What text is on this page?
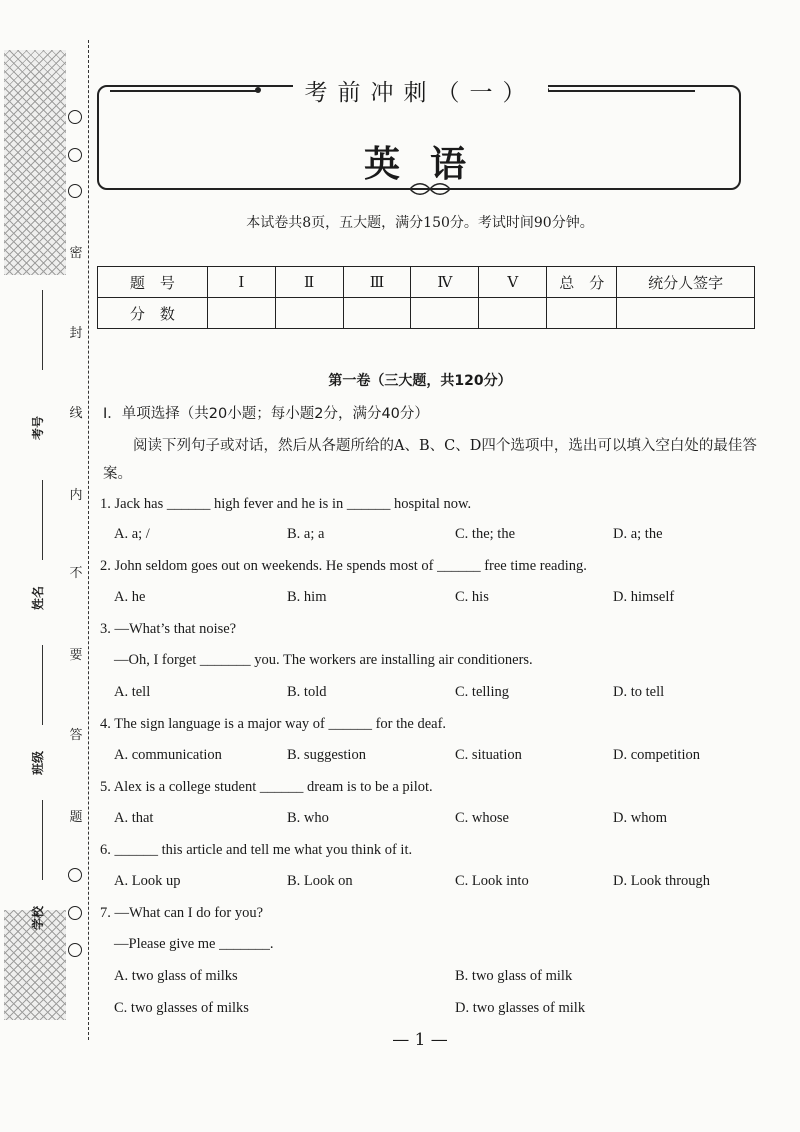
密
封
线
内
不
要
答
题
考号
姓名
班级
学校
考前冲刺（一）
英语
本试卷共8页，五大题，满分150分。考试时间90分钟。
题　号	Ⅰ	Ⅱ	Ⅲ	Ⅳ	Ⅴ	总　分	统分人签字
分　数							
第一卷（三大题，共120分）
Ⅰ．单项选择（共20小题；每小题2分，满分40分）
阅读下列句子或对话，然后从各题所给的A、B、C、D四个选项中，选出可以填入空白处的最佳答案。
1. Jack has ______ high fever and he is in ______ hospital now.
A. a; /	B. a; a	C. the; the	D. a; the
2. John seldom goes out on weekends. He spends most of ______ free time reading.
A. he	B. him	C. his	D. himself
3. —What’s that noise?
—Oh, I forget _______ you. The workers are installing air conditioners.
A. tell	B. told	C. telling	D. to tell
4. The sign language is a major way of ______ for the deaf.
A. communication	B. suggestion	C. situation	D. competition
5. Alex is a college student ______ dream is to be a pilot.
A. that	B. who	C. whose	D. whom
6. ______ this article and tell me what you think of it.
A. Look up	B. Look on	C. Look into	D. Look through
7. —What can I do for you?
—Please give me _______.
A. two glass of milks	B. two glass of milk
C. two glasses of milks	D. two glasses of milk
— 1 —
